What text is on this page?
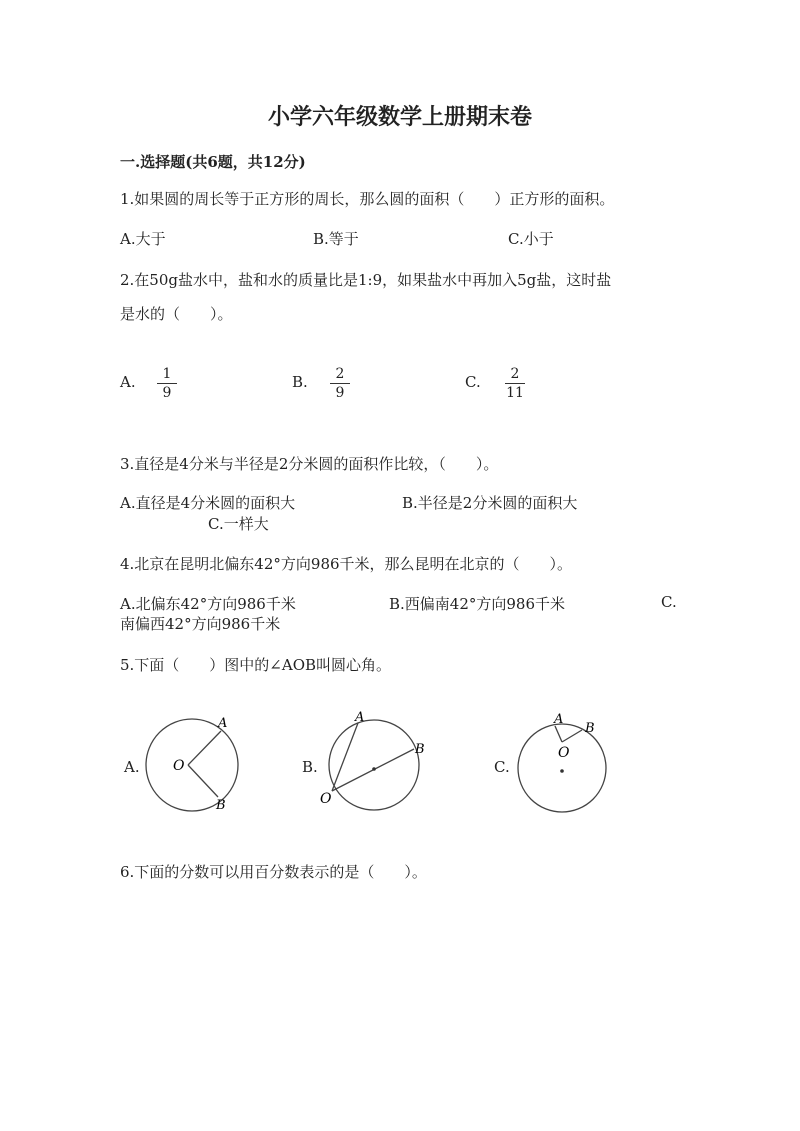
小学六年级数学上册期末卷
一.选择题(共6题，共12分)
1.如果圆的周长等于正方形的周长，那么圆的面积（　　）正方形的面积。
A.大于	B.等于	C.小于
2.在50g盐水中，盐和水的质量比是1:9，如果盐水中再加入5g盐，这时盐
是水的（　　）。
A.	1
9
B.	2
9
C.	2
11
3.直径是4分米与半径是2分米圆的面积作比较，（　　）。
A.直径是4分米圆的面积大	B.半径是2分米圆的面积大
C.一样大
4.北京在昆明北偏东42°方向986千米，那么昆明在北京的（　　）。
A.北偏东42°方向986千米	B.西偏南42°方向986千米	C.
南偏西42°方向986千米
5.下面（　　）图中的∠AOB叫圆心角。
A. O
A
B
B.
O
A
B
C.
O
A
B
6.下面的分数可以用百分数表示的是（　　）。
